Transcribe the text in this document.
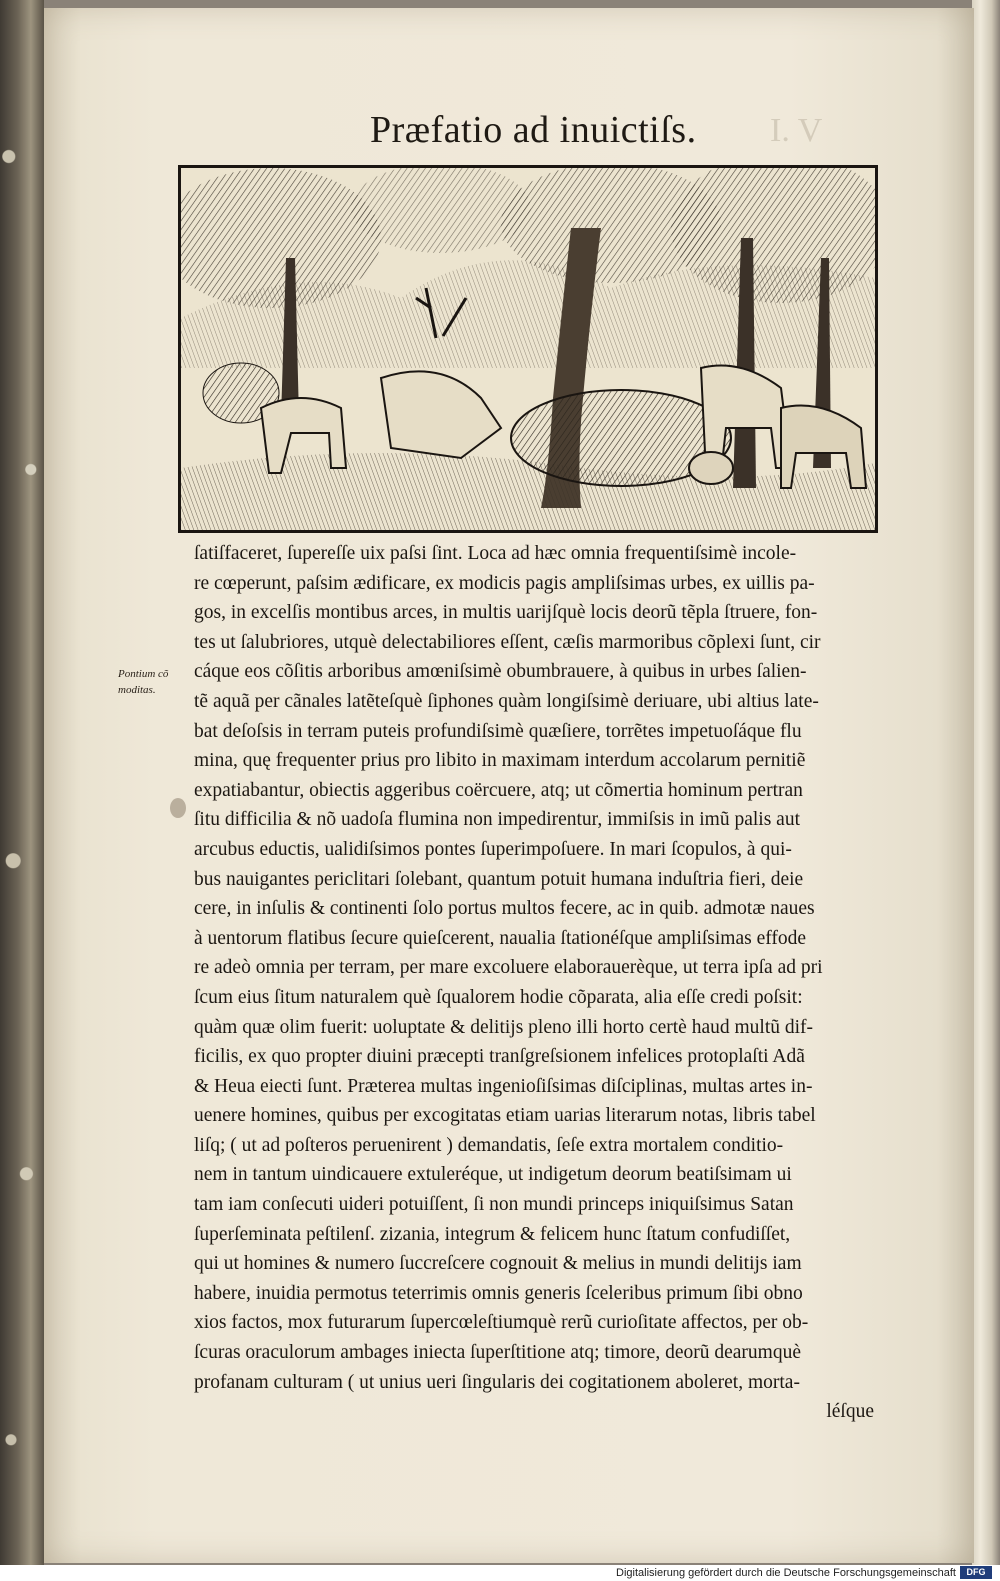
I. V
Præfatio ad inuictiſs.
Pontium cõ
moditas.
ſatiſfaceret, ſupereſſe uix paſsi ſint. Loca ad hæc omnia frequentiſsimè incole-
re cœperunt, paſsim ædificare, ex modicis pagis ampliſsimas urbes, ex uillis pa-
gos, in excelſis montibus arces, in multis uarijſquè locis deorũ tẽpla ſtruere, fon-
tes ut ſalubriores, utquè delectabiliores eſſent, cæſis marmoribus cõplexi ſunt, cir
cáque eos cõſitis arboribus amœniſsimè obumbrauere, à quibus in urbes ſalien-
tẽ aquã per cãnales latẽteſquè ſiphones quàm longiſsimè deriuare, ubi altius late-
bat deſoſsis in terram puteis profundiſsimè quæſiere, torrẽtes impetuoſáque flu
mina, quę frequenter prius pro libito in maximam interdum accolarum pernitiẽ
expatiabantur, obiectis aggeribus coërcuere, atq; ut cõmertia hominum pertran
ſitu difficilia & nõ uadoſa flumina non impedirentur, immiſsis in imũ palis aut
arcubus eductis, ualidiſsimos pontes ſuperimpoſuere. In mari ſcopulos, à qui-
bus nauigantes periclitari ſolebant, quantum potuit humana induſtria fieri, deie
cere, in inſulis & continenti ſolo portus multos fecere, ac in quib. admotæ naues
à uentorum flatibus ſecure quieſcerent, naualia ſtationéſque ampliſsimas effode
re adeò omnia per terram, per mare excoluere elaborauerèque, ut terra ipſa ad pri
ſcum eius ſitum naturalem què ſqualorem hodie cõparata, alia eſſe credi poſsit:
quàm quæ olim fuerit: uoluptate & delitijs pleno illi horto certè haud multũ dif-
ficilis, ex quo propter diuini præcepti tranſgreſsionem infelices protoplaſti Adã
& Heua eiecti ſunt. Præterea multas ingenioſiſsimas diſciplinas, multas artes in-
uenere homines, quibus per excogitatas etiam uarias literarum notas, libris tabel
liſq; ( ut ad poſteros peruenirent ) demandatis, ſeſe extra mortalem conditio-
nem in tantum uindicauere extuleréque, ut indigetum deorum beatiſsimam ui
tam iam conſecuti uideri potuiſſent, ſi non mundi princeps iniquiſsimus Satan
ſuperſeminata peſtilenſ. zizania, integrum & felicem hunc ſtatum confudiſſet,
qui ut homines & numero ſuccreſcere cognouit & melius in mundi delitijs iam
habere, inuidia permotus teterrimis omnis generis ſceleribus primum ſibi obno
xios factos, mox futurarum ſupercœleſtiumquè rerũ curioſitate affectos, per ob-
ſcuras oraculorum ambages iniecta ſuperſtitione atq; timore, deorũ dearumquè
profanam culturam ( ut unius ueri ſingularis dei cogitationem aboleret, morta-
léſque
Digitalisierung gefördert durch die Deutsche Forschungsgemeinschaft	DFG
